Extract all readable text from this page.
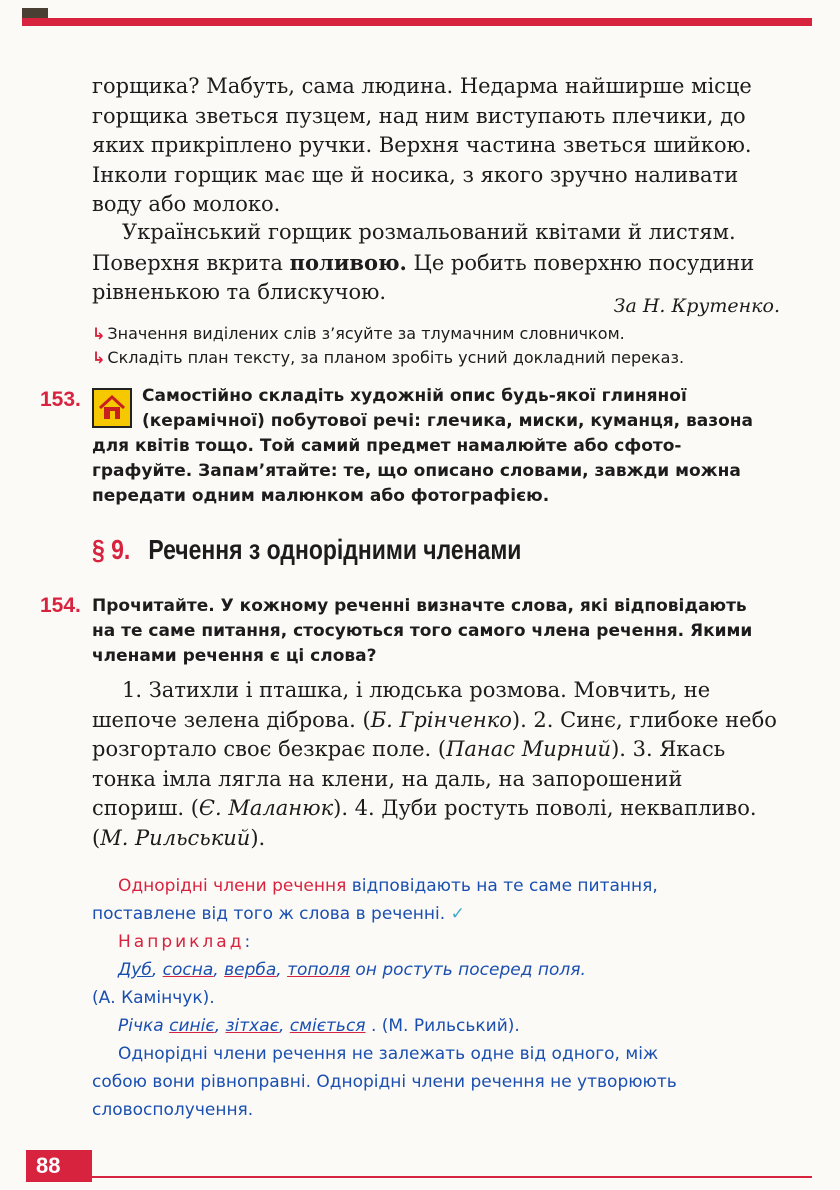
горщика? Мабуть, сама людина. Недарма найширше місце
горщика зветься пузцем, над ним виступають плечики, до
яких прикріплено ручки. Верхня частина зветься шийкою.
Інколи горщик має ще й носика, з якого зручно наливати
воду або молоко.

Український горщик розмальований квітами й листям.
Поверхня вкрита поливою. Це робить поверхню посудини
рівненькою та блискучою.

За Н. Крутенко.
↳ Значення виділених слів з’ясуйте за тлумачним словничком.
↳ Складіть план тексту, за планом зробіть усний докладний переказ.
153.	Самостійно складіть художній опис будь-якої глиняної
(керамічної) побутової речі: глечика, миски, куманця, вазона
для квітів тощо. Той самий предмет намалюйте або сфото-
графуйте. Запам’ятайте: те, що описано словами, завжди можна
передати одним малюнком або фотографією.

§ 9. Речення з однорідними членами
154. Прочитайте. У кожному реченні визначте слова, які відповідають
на те саме питання, стосуються того самого члена речення. Якими
членами речення є ці слова?

1. Затихли і пташка, і людська розмова. Мовчить, не
шепоче зелена діброва. (Б. Грінченко). 2. Синє, глибоке небо
розгортало своє безкрає поле. (Панас Мирний). 3. Якась
тонка імла лягла на клени, на даль, на запорошений
спориш. (Є. Маланюк). 4. Дуби ростуть поволі, неквапливо.
(М. Рильський).

Однорідні члени речення відповідають на те саме питання,
поставлене від того ж слова в реченні. ✓
Наприклад:
Дуб, сосна, верба, тополя он ростуть посеред поля.
(А. Камінчук).
Річка синіє, зітхає, сміється . (М. Рильський).
Однорідні члени речення не залежать одне від одного, між
собою вони рівноправні. Однорідні члени речення не утворюють
словосполучення.

88
